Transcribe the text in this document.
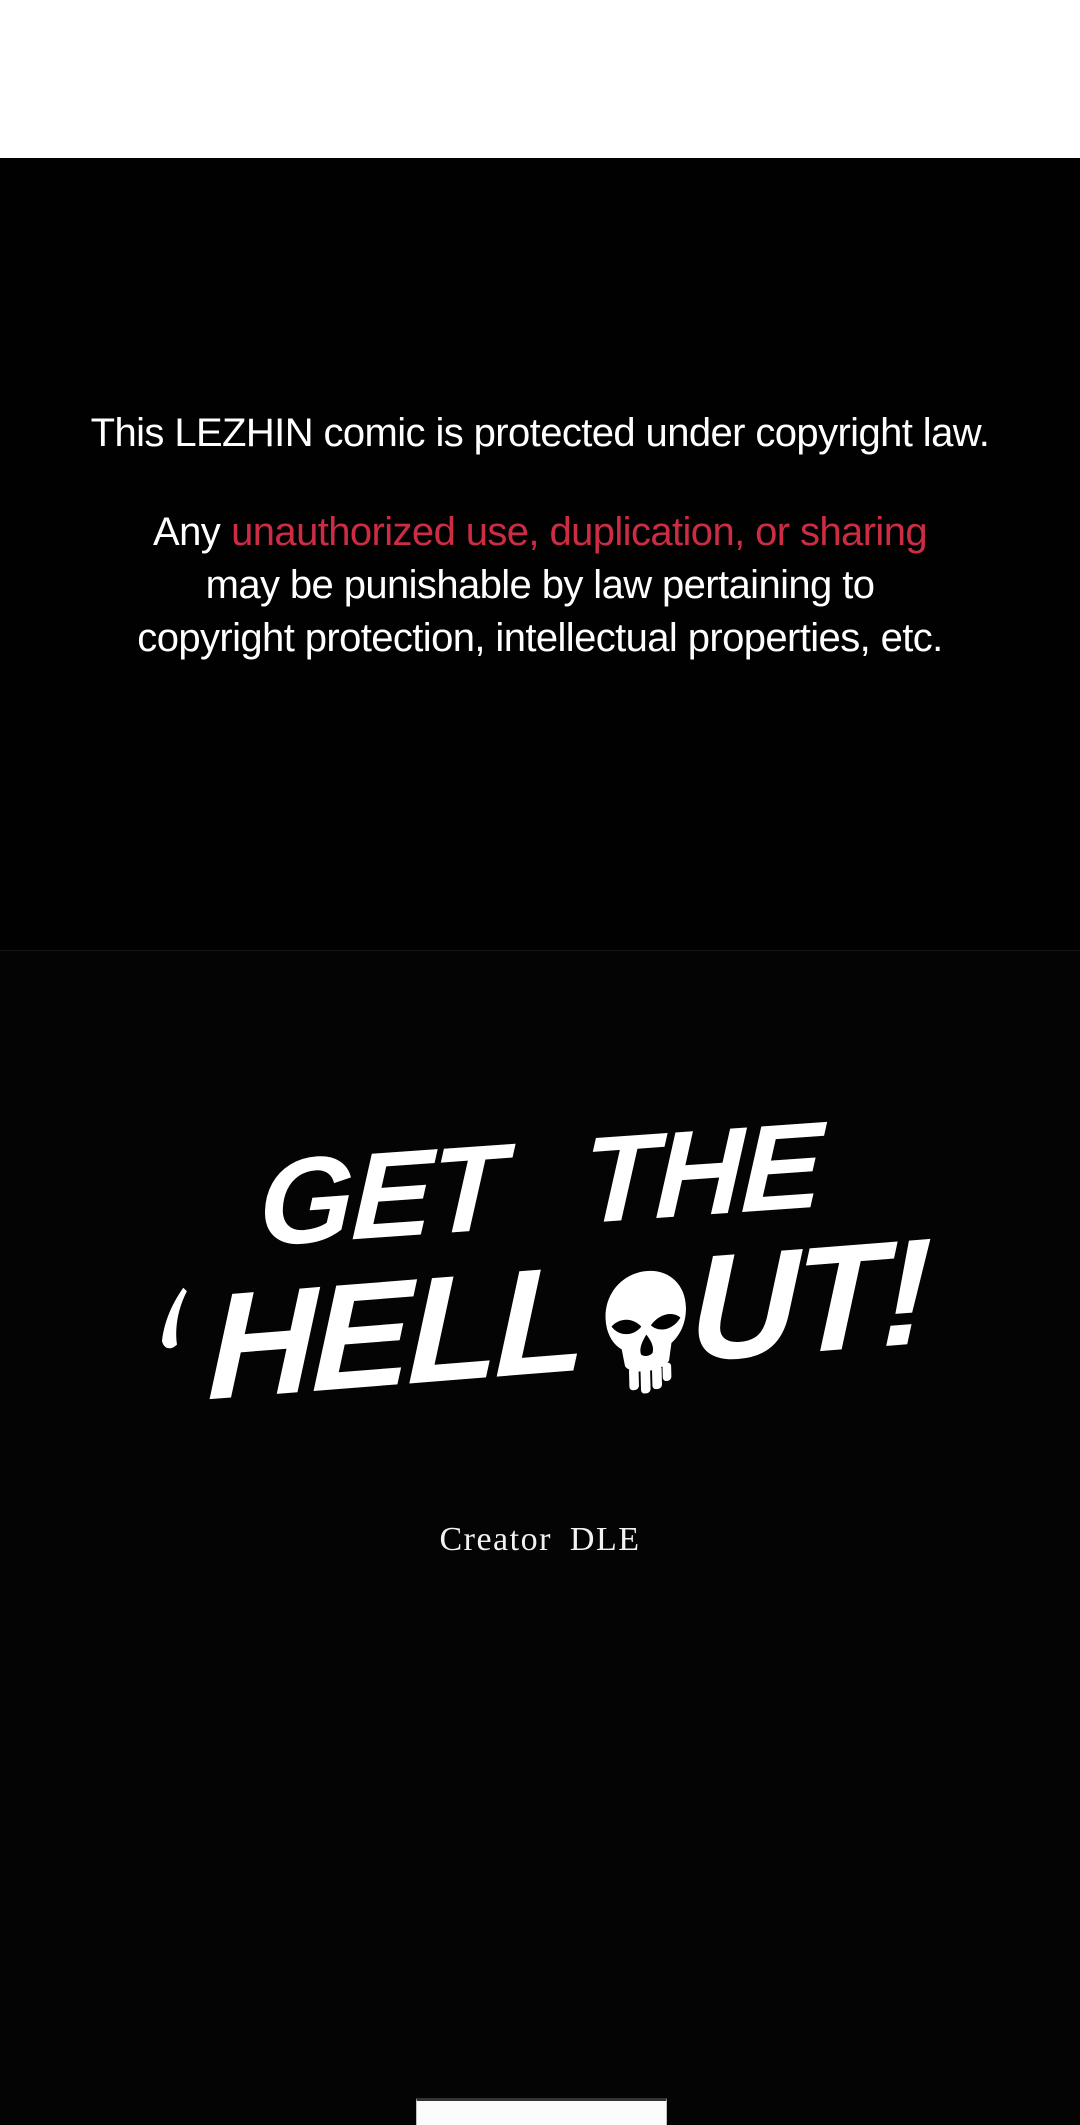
This LEZHIN comic is protected under copyright law.

Any unauthorized use, duplication, or sharing

may be punishable by law pertaining to

copyright protection, intellectual properties, etc.

GET THE
HELL UT!
Creator DLE
